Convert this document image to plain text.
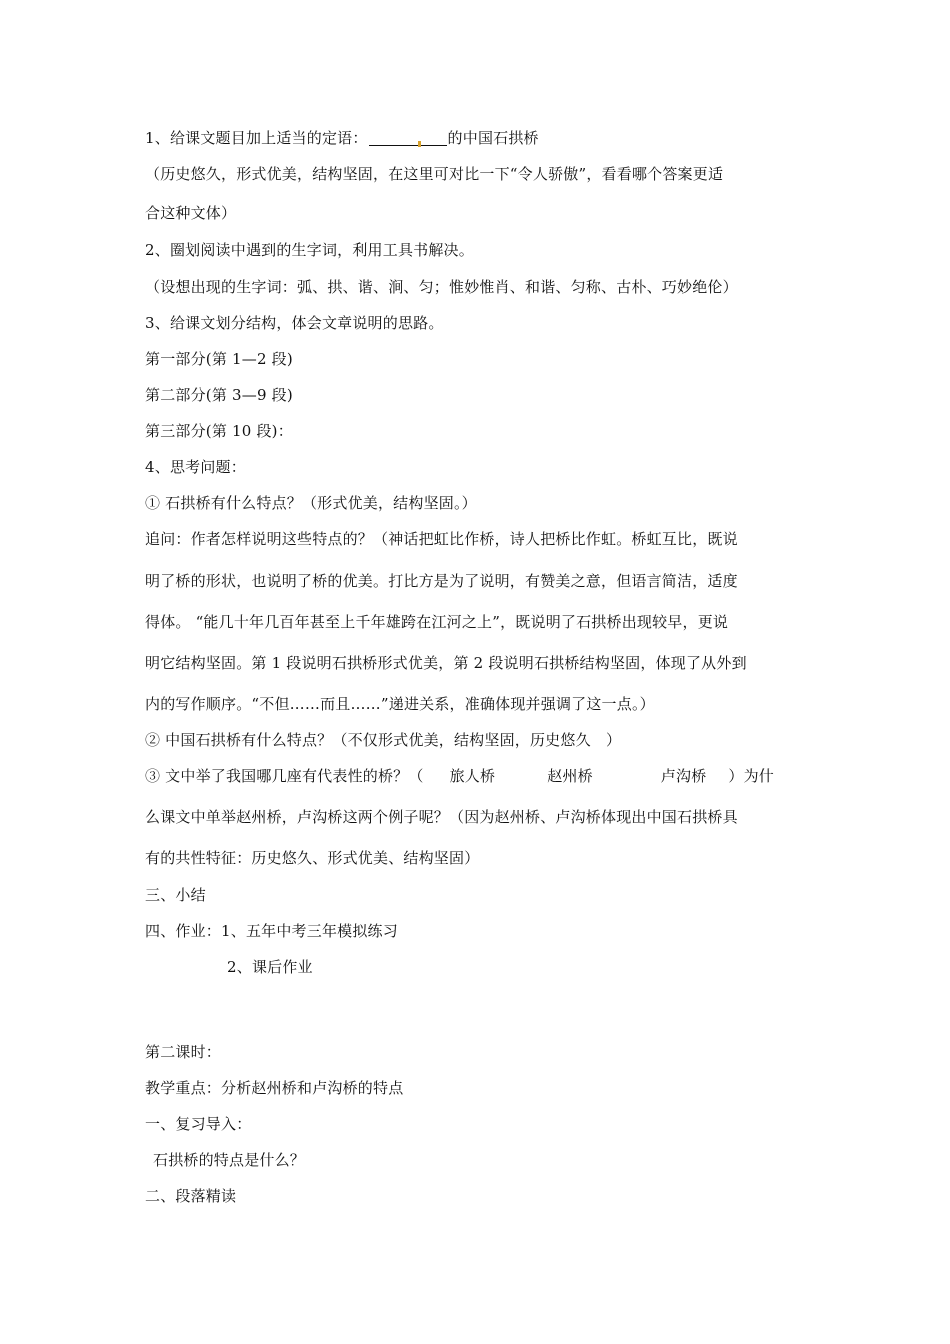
1、给课文题目加上适当的定语：	的中国石拱桥
（历史悠久，形式优美，结构坚固，在这里可对比一下“令人骄傲”，看看哪个答案更适
合这种文体）
2、圈划阅读中遇到的生字词，利用工具书解决。
（设想出现的生字词：弧、拱、谐、涧、匀；惟妙惟肖、和谐、匀称、古朴、巧妙绝伦）
3、给课文划分结构，体会文章说明的思路。
第一部分(第 1—2 段)
第二部分(第 3—9 段)
第三部分(第 10 段)：
4、思考问题：
① 石拱桥有什么特点？（形式优美，结构坚固。）
追问：作者怎样说明这些特点的？（神话把虹比作桥，诗人把桥比作虹。桥虹互比，既说
明了桥的形状，也说明了桥的优美。打比方是为了说明，有赞美之意，但语言简洁，适度
得体。 “能几十年几百年甚至上千年雄跨在江河之上”，既说明了石拱桥出现较早，更说
明它结构坚固。第 1 段说明石拱桥形式优美，第 2 段说明石拱桥结构坚固，体现了从外到
内的写作顺序。“不但……而且……”递进关系，准确体现并强调了这一点。）
② 中国石拱桥有什么特点？（不仅形式优美，结构坚固，历史悠久　）
③ 文中举了我国哪几座有代表性的桥？（ 旅人桥	赵州桥	卢沟桥 ）为什
么课文中单举赵州桥，卢沟桥这两个例子呢？（因为赵州桥、卢沟桥体现出中国石拱桥具
有的共性特征：历史悠久、形式优美、结构坚固）
三、小结
四、作业：1、五年中考三年模拟练习
2、课后作业
第二课时：
教学重点：分析赵州桥和卢沟桥的特点
一、复习导入：
石拱桥的特点是什么？
二、段落精读
